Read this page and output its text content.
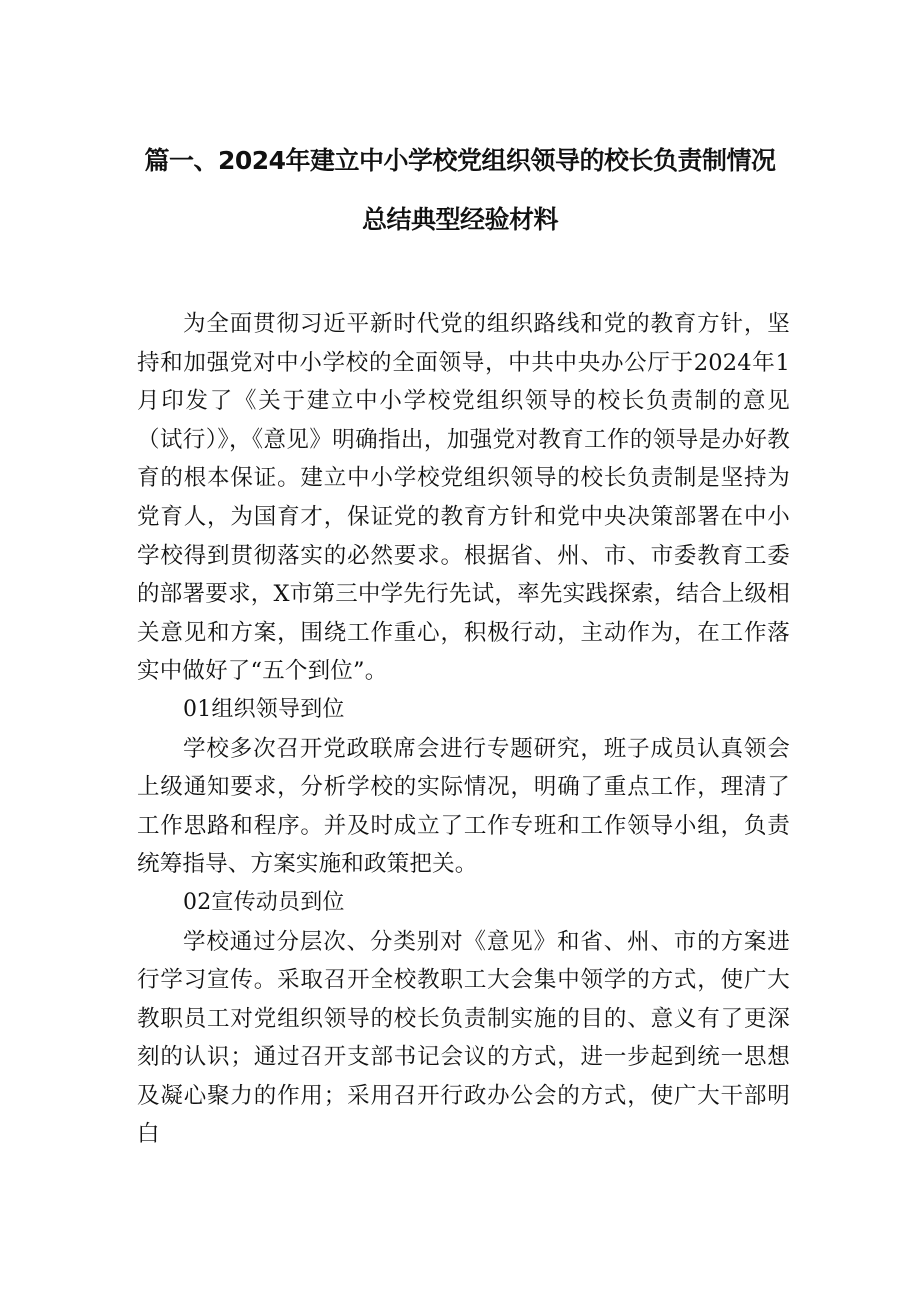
篇一、2024年建立中小学校党组织领导的校长负责制情况
总结典型经验材料

为全面贯彻习近平新时代党的组织路线和党的教育方针，坚持和加强党对中小学校的全面领导，中共中央办公厅于2024年1月印发了《关于建立中小学校党组织领导的校长负责制的意见（试行）》，《意见》明确指出，加强党对教育工作的领导是办好教育的根本保证。建立中小学校党组织领导的校长负责制是坚持为党育人，为国育才，保证党的教育方针和党中央决策部署在中小学校得到贯彻落实的必然要求。根据省、州、市、市委教育工委的部署要求，X市第三中学先行先试，率先实践探索，结合上级相关意见和方案，围绕工作重心，积极行动，主动作为，在工作落实中做好了“五个到位”。

01组织领导到位

学校多次召开党政联席会进行专题研究，班子成员认真领会上级通知要求，分析学校的实际情况，明确了重点工作，理清了工作思路和程序。并及时成立了工作专班和工作领导小组，负责统筹指导、方案实施和政策把关。

02宣传动员到位

学校通过分层次、分类别对《意见》和省、州、市的方案进行学习宣传。采取召开全校教职工大会集中领学的方式，使广大教职员工对党组织领导的校长负责制实施的目的、意义有了更深刻的认识；通过召开支部书记会议的方式，进一步起到统一思想及凝心聚力的作用；采用召开行政办公会的方式，使广大干部明白
